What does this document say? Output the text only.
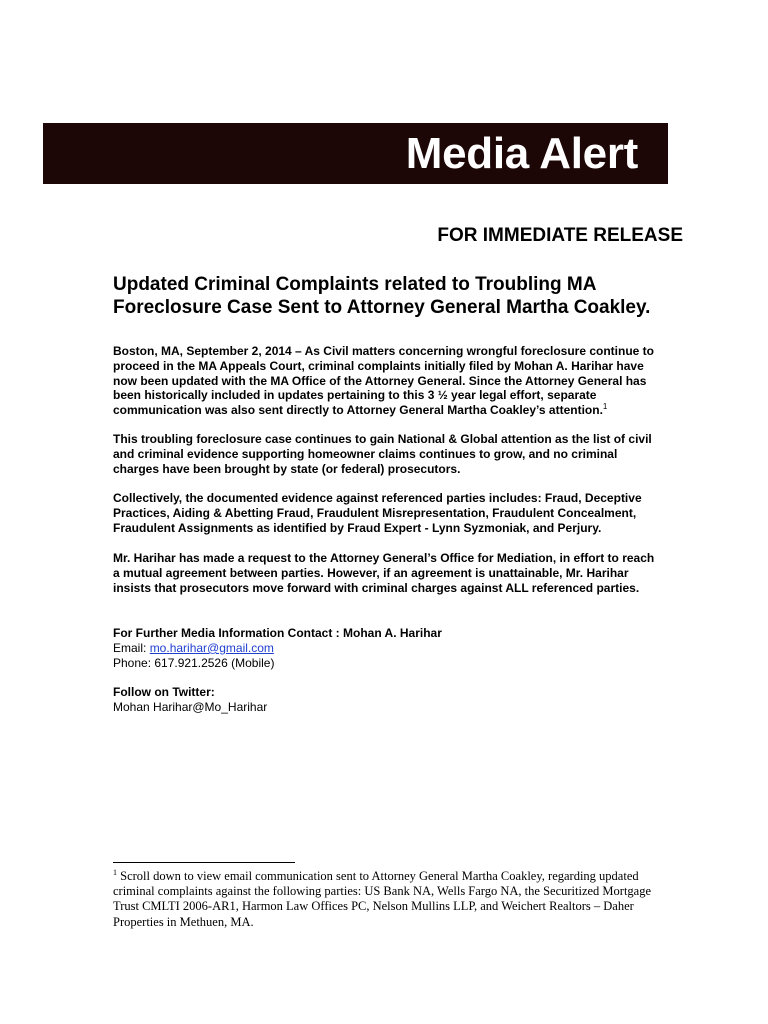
Media Alert
FOR IMMEDIATE RELEASE
Updated Criminal Complaints related to Troubling MA
Foreclosure Case Sent to Attorney General Martha Coakley.
Boston, MA, September 2, 2014 – As Civil matters concerning wrongful foreclosure continue to
proceed in the MA Appeals Court, criminal complaints initially filed by Mohan A. Harihar have
now been updated with the MA Office of the Attorney General. Since the Attorney General has
been historically included in updates pertaining to this 3 ½ year legal effort, separate
communication was also sent directly to Attorney General Martha Coakley’s attention.$^1$
This troubling foreclosure case continues to gain National & Global attention as the list of civil
and criminal evidence supporting homeowner claims continues to grow, and no criminal
charges have been brought by state (or federal) prosecutors.
Collectively, the documented evidence against referenced parties includes: Fraud, Deceptive
Practices, Aiding & Abetting Fraud, Fraudulent Misrepresentation, Fraudulent Concealment,
Fraudulent Assignments as identified by Fraud Expert - Lynn Syzmoniak, and Perjury.
Mr. Harihar has made a request to the Attorney General’s Office for Mediation, in effort to reach
a mutual agreement between parties. However, if an agreement is unattainable, Mr. Harihar
insists that prosecutors move forward with criminal charges against ALL referenced parties.
For Further Media Information Contact : Mohan A. Harihar
Email: mo.harihar@gmail.com
Phone: 617.921.2526 (Mobile)
Follow on Twitter:
Mohan Harihar@Mo_Harihar
$^1$ Scroll down to view email communication sent to Attorney General Martha Coakley, regarding updated
criminal complaints against the following parties: US Bank NA, Wells Fargo NA, the Securitized Mortgage
Trust CMLTI 2006-AR1, Harmon Law Offices PC, Nelson Mullins LLP, and Weichert Realtors – Daher
Properties in Methuen, MA.
